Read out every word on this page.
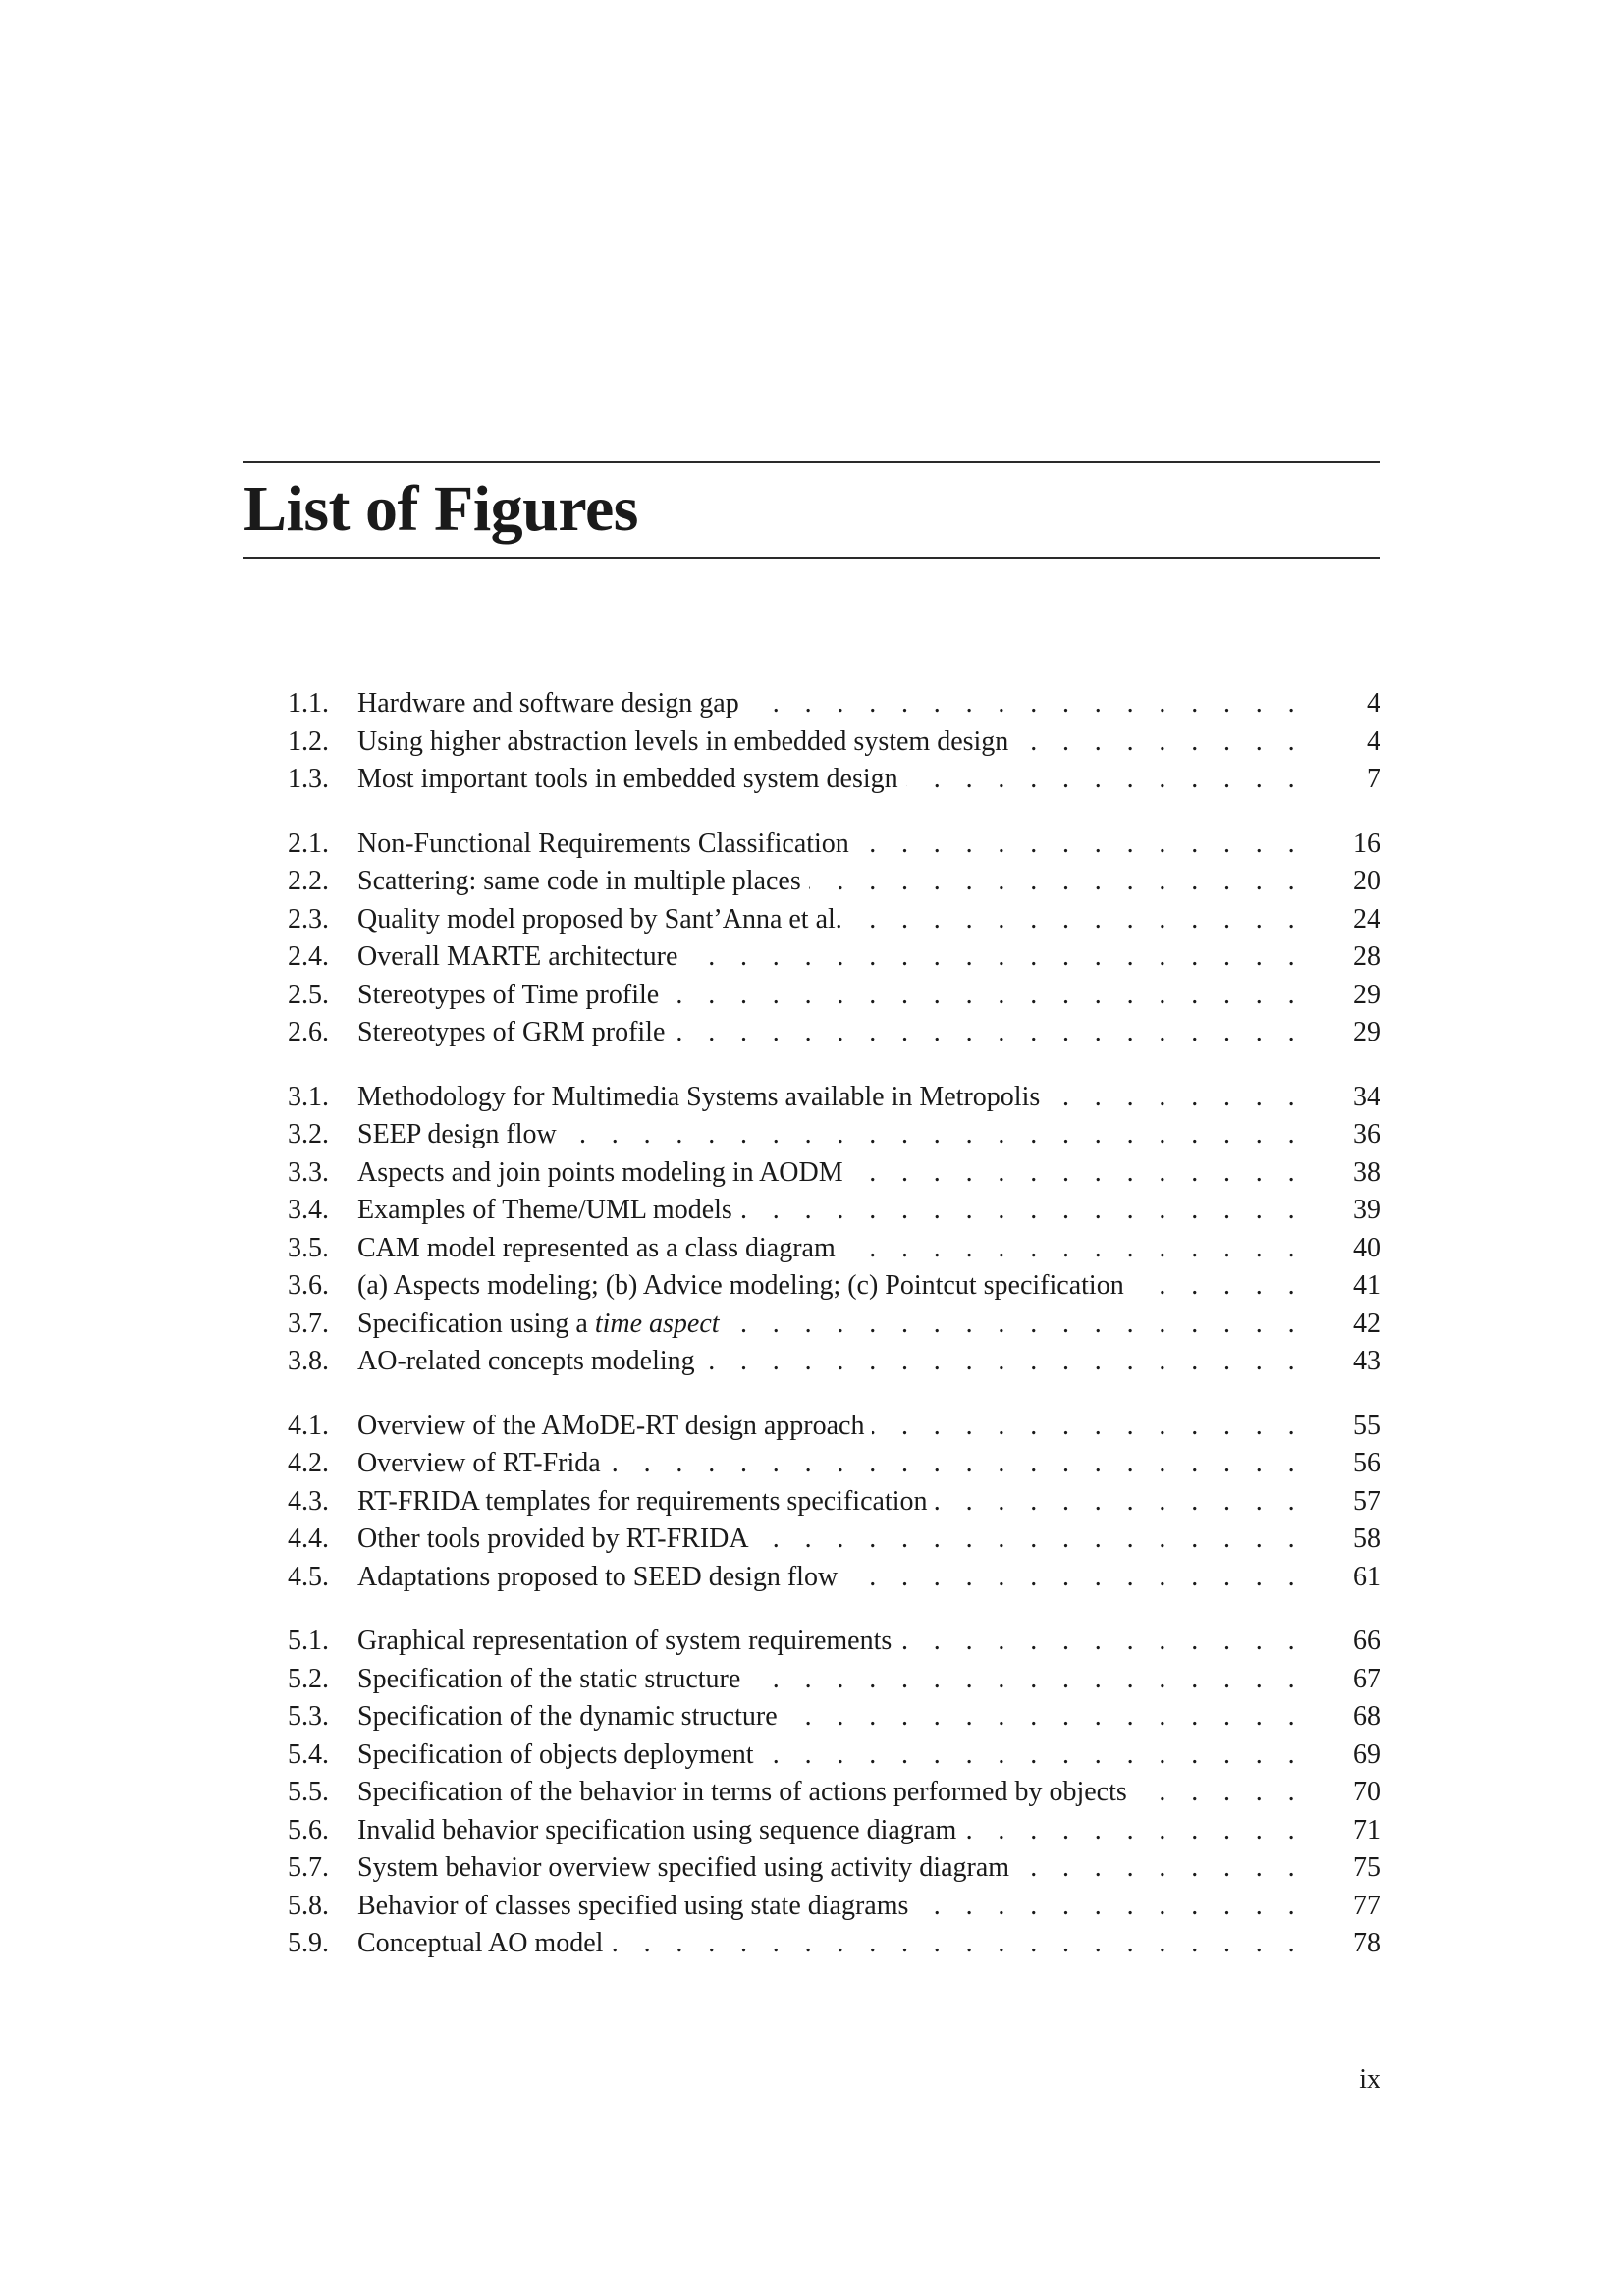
List of Figures
1.1.	Hardware and software design gap . . .	4
1.2.	Using higher abstraction levels in embedded system design . . .	4
1.3.	Most important tools in embedded system design . . .	7
2.1.	Non-Functional Requirements Classification . . .	16
2.2.	Scattering: same code in multiple places . . .	20
2.3.	Quality model proposed by Sant’Anna et al. . . .	24
2.4.	Overall MARTE architecture . . .	28
2.5.	Stereotypes of Time profile . . .	29
2.6.	Stereotypes of GRM profile . . .	29
3.1.	Methodology for Multimedia Systems available in Metropolis . . .	34
3.2.	SEEP design flow . . .	36
3.3.	Aspects and join points modeling in AODM . . .	38
3.4.	Examples of Theme/UML models . . .	39
3.5.	CAM model represented as a class diagram . . .	40
3.6.	(a) Aspects modeling; (b) Advice modeling; (c) Pointcut specification . . .	41
3.7.	Specification using a time aspect . . .	42
3.8.	AO-related concepts modeling . . .	43
4.1.	Overview of the AMoDE-RT design approach . . .	55
4.2.	Overview of RT-Frida . . .	56
4.3.	RT-FRIDA templates for requirements specification . . .	57
4.4.	Other tools provided by RT-FRIDA . . .	58
4.5.	Adaptations proposed to SEED design flow . . .	61
5.1.	Graphical representation of system requirements . . .	66
5.2.	Specification of the static structure . . .	67
5.3.	Specification of the dynamic structure . . .	68
5.4.	Specification of objects deployment . . .	69
5.5.	Specification of the behavior in terms of actions performed by objects . . .	70
5.6.	Invalid behavior specification using sequence diagram . . .	71
5.7.	System behavior overview specified using activity diagram . . .	75
5.8.	Behavior of classes specified using state diagrams . . .	77
5.9.	Conceptual AO model . . .	78
ix
